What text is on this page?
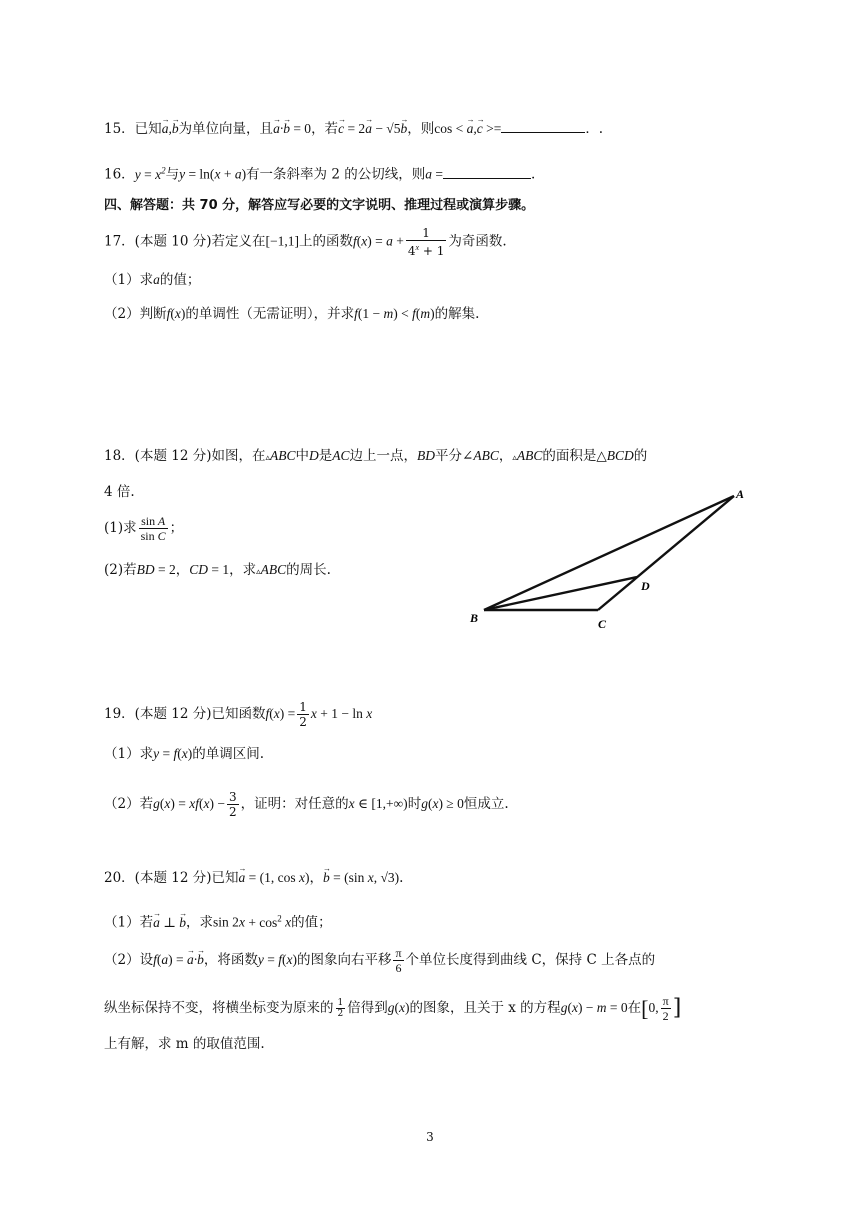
15．已知→ a,→ b为单位向量，且→ a·→ b = 0，若→ c = 2→ a − √5→ b，则cos < → a,→ c >=	．.
16．$y = x^2$与y = ln(x + a)有一条斜率为 2 的公切线，则a =	.
四、解答题：共 70 分，解答应写必要的文字说明、推理过程或演算步骤。
17．(本题 10 分)若定义在[−1,1]上的函数$f(x) = a + \frac{1}{4^x + 1}$ 为奇函数.
（1）求a的值；
（2）判断f(x)的单调性（无需证明），并求f(1 − m) < f(m)的解集.
18．(本题 12 分)如图，在▵ABC中D是AC边上一点，BD平分∠ABC，▵ABC的面积是△BCD的
4 倍.
(1)求 $\frac{\text{sin A}}{\text{sin C}}$ ；
(2)若BD = 2，CD = 1，求▵ABC的周长.
A
B	C
D
19．(本题 12 分)已知函数$f(x) = \frac{1}{2}$ x + 1 − ln x
（1）求y = f(x)的单调区间.
（2）若$g(x) = xf(x) - \frac{3}{2}$ ，证明：对任意的x ∈ [1,+∞)时g(x) ≥ 0恒成立.
20．(本题 12 分)已知→ a = (1, cos x)，→ b = (sin x, √3).
（1）若→ a ⊥ → b，求$\sin 2x + \cos^2 x$的值；
（2）设f(a) = → a·→ b，将函数y = f(x)的图象向右平移 $\frac{\pi}{6}$ 个单位长度得到曲线 C，保持 C 上各点的
纵坐标保持不变，将横坐标变为原来的 $\frac{1}{2}$ 倍得到g(x)的图象，且关于 x 的方程g(x) − m = 0在[0, $\frac{\pi}{2}$ ]
上有解，求 m 的取值范围.
3
